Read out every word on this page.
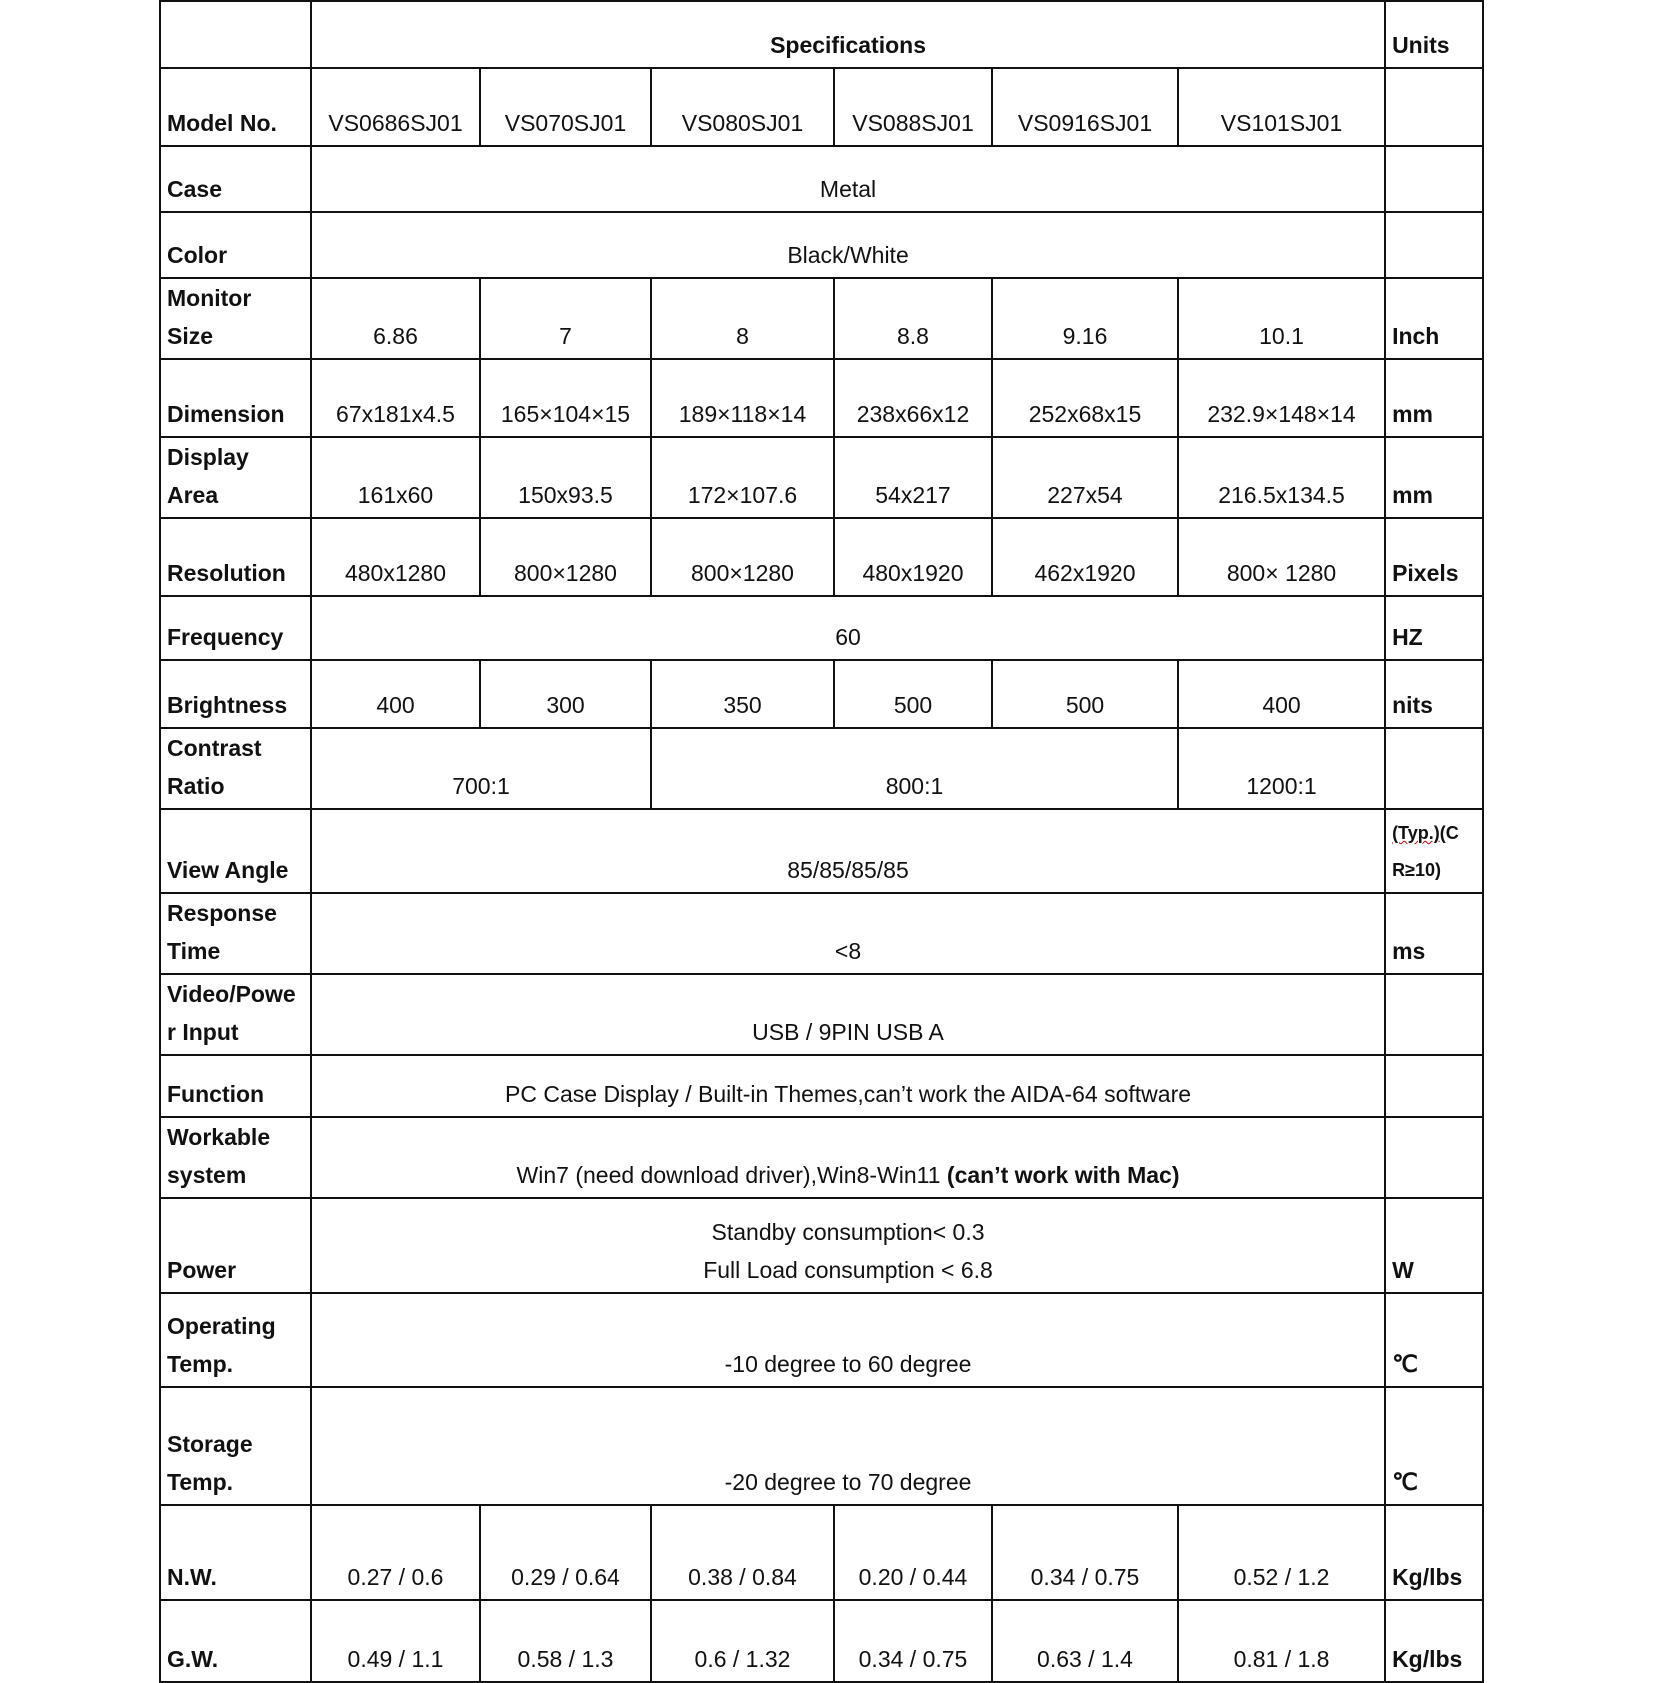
	Specifications						Units
Model No.	VS0686SJ01	VS070SJ01	VS080SJ01	VS088SJ01	VS0916SJ01	VS101SJ01	
Case	Metal						
Color	Black/White						

Monitor
Size	6.86	7	8	8.8	9.16	10.1	Inch
Dimension	67x181x4.5	165×104×15	189×118×14	238x66x12	252x68x15	232.9×148×14	mm

Display
Area	161x60	150x93.5	172×107.6	54x217	227x54	216.5x134.5	mm
Resolution	480x1280	800×1280	800×1280	480x1920	462x1920	800× 1280	Pixels
Frequency	60						HZ
Brightness	400	300	350	500	500	400	nits

Contrast
Ratio	700:1		800:1			1200:1	
View Angle	85/85/85/85						(Typ.)(C
R≥10)

Response
Time	<8						ms

Video/Powe
r Input	USB / 9PIN USB A						
Function	PC Case Display / Built-in Themes,can’t work the AIDA-64 software						

Workable
system	Win7 (need download driver),Win8-Win11 (can’t work with Mac)						
Power	Standby consumption< 0.3
Full Load consumption < 6.8						W

Operating
Temp.	-10 degree to 60 degree						℃

Storage
Temp.	-20 degree to 70 degree						℃
N.W.	0.27 / 0.6	0.29 / 0.64	0.38 / 0.84	0.20 / 0.44	0.34 / 0.75	0.52 / 1.2	Kg/lbs
G.W.	0.49 / 1.1	0.58 / 1.3	0.6 / 1.32	0.34 / 0.75	0.63 / 1.4	0.81 / 1.8	Kg/lbs
